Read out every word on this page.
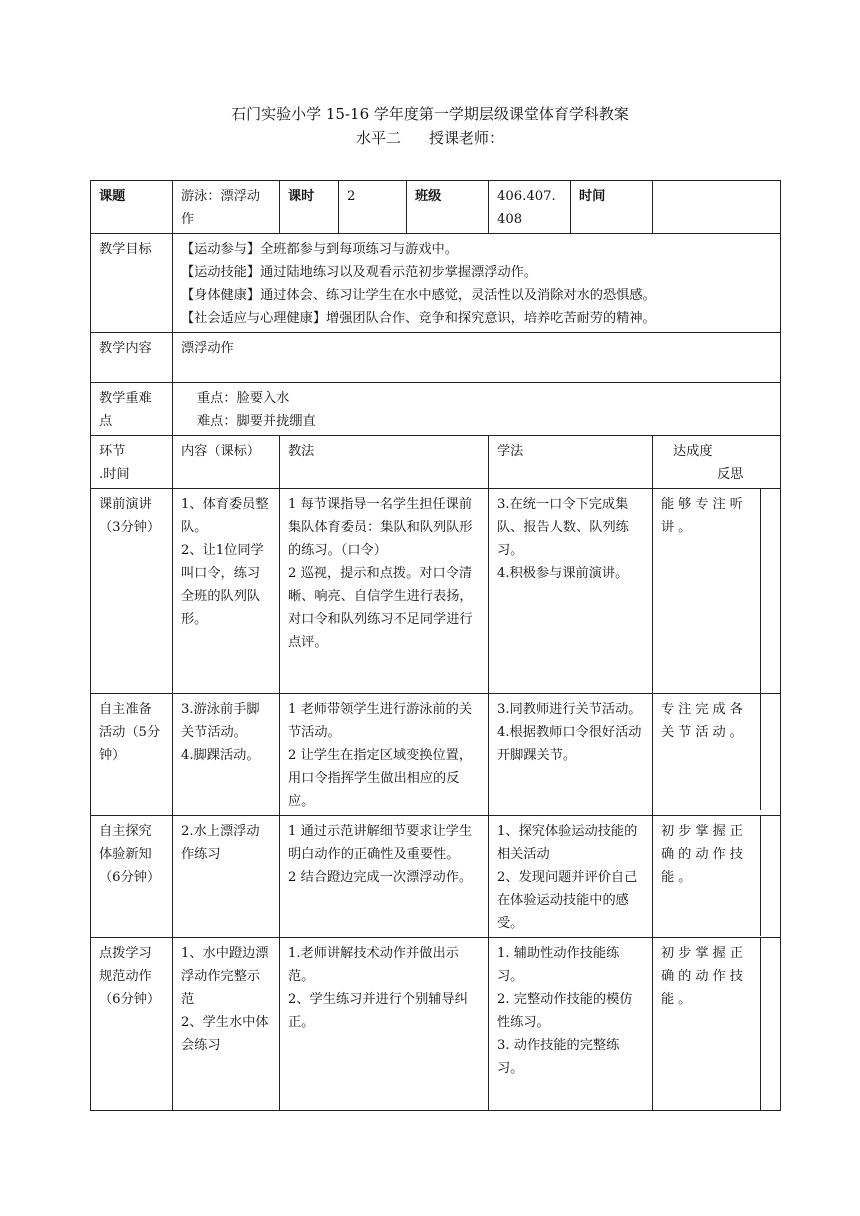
石门实验小学 15-16 学年度第一学期层级课堂体育学科教案
水平二 授课老师：
课题	游泳：漂浮动作	课时	2	班级	406.407.408	时间	
教学目标	【运动参与】全班都参与到每项练习与游戏中。
【运动技能】通过陆地练习以及观看示范初步掌握漂浮动作。
【身体健康】通过体会、练习让学生在水中感觉，灵活性以及消除对水的恐惧感。
【社会适应与心理健康】增强团队合作、竞争和探究意识，培养吃苦耐劳的精神。						

教学内容	漂浮动作						
教学重难点	重点：脸要入水
难点：脚要并拢绷直						

环节
.时间	内容（课标）	教法			学法		达成度 反思
课前演讲（3分钟）	1、体育委员整队。
2、让1位同学叫口令，练习全班的队列队形。	1 每节课指导一名学生担任课前集队体育委员：集队和队列队形的练习。（口令）
2 巡视，提示和点拨。对口令清晰、响亮、自信学生进行表扬，对口令和队列练习不足同学进行点评。			3.在统一口令下完成集队、报告人数、队列练习。
4.积极参与课前演讲。		能够专注听讲。

自主准备活动（5分钟）	3.游泳前手脚关节活动。
4.脚踝活动。	1 老师带领学生进行游泳前的关节活动。
2 让学生在指定区域变换位置，用口令指挥学生做出相应的反应。			3.同教师进行关节活动。
4.根据教师口令很好活动开脚踝关节。		专注完成各关节活动。

自主探究体验新知（6分钟）	2.水上漂浮动作练习	1 通过示范讲解细节要求让学生明白动作的正确性及重要性。
2 结合蹬边完成一次漂浮动作。			1、探究体验运动技能的相关活动
2、发现问题并评价自己在体验运动技能中的感受。		初步掌握正确的动作技能。

点拨学习规范动作（6分钟）	1、水中蹬边漂浮动作完整示范
2、学生水中体会练习	1.老师讲解技术动作并做出示范。
2、学生练习并进行个别辅导纠正。			1. 辅助性动作技能练习。
2. 完整动作技能的模仿性练习。
3. 动作技能的完整练习。		初步掌握正确的动作技能。
